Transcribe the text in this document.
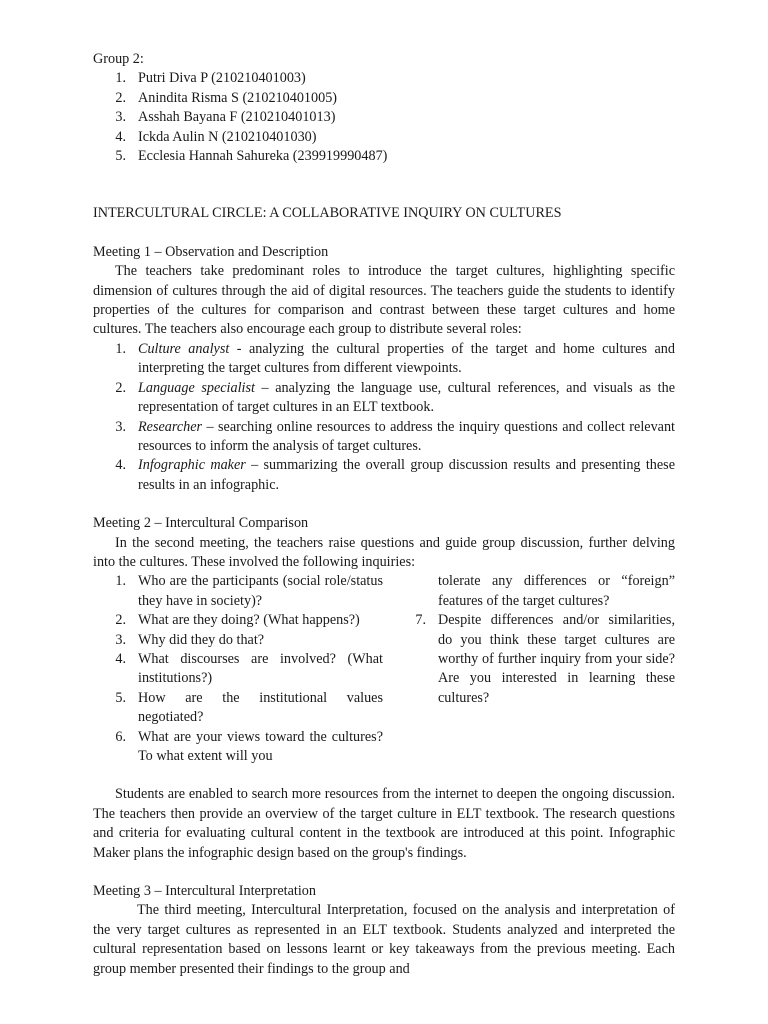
Group 2:

1. Putri Diva P (210210401003)
2. Anindita Risma S (210210401005)
3. Asshah Bayana F (210210401013)
4. Ickda Aulin N (210210401030)
5. Ecclesia Hannah Sahureka (239919990487)

INTERCULTURAL CIRCLE: A COLLABORATIVE INQUIRY ON CULTURES

Meeting 1 – Observation and Description

The teachers take predominant roles to introduce the target cultures, highlighting specific dimension of cultures through the aid of digital resources. The teachers guide the students to identify properties of the cultures for comparison and contrast between these target cultures and home cultures. The teachers also encourage each group to distribute several roles:

1. Culture analyst - analyzing the cultural properties of the target and home cultures and interpreting the target cultures from different viewpoints.
2. Language specialist – analyzing the language use, cultural references, and visuals as the representation of target cultures in an ELT textbook.
3. Researcher – searching online resources to address the inquiry questions and collect relevant resources to inform the analysis of target cultures.
4. Infographic maker – summarizing the overall group discussion results and presenting these results in an infographic.

Meeting 2 – Intercultural Comparison

In the second meeting, the teachers raise questions and guide group discussion, further delving into the cultures. These involved the following inquiries:

1. Who are the participants (social role/status they have in society)?
2. What are they doing? (What happens?)
3. Why did they do that?
4. What discourses are involved? (What institutions?)
5. How are the institutional values negotiated?
6. What are your views toward the cultures? To what extent will you

tolerate any differences or “foreign” features of the target cultures?

7. Despite differences and/or similarities, do you think these target cultures are worthy of further inquiry from your side? Are you interested in learning these cultures?

Students are enabled to search more resources from the internet to deepen the ongoing discussion. The teachers then provide an overview of the target culture in ELT textbook. The research questions and criteria for evaluating cultural content in the textbook are introduced at this point. Infographic Maker plans the infographic design based on the group's findings.

Meeting 3 – Intercultural Interpretation

The third meeting, Intercultural Interpretation, focused on the analysis and interpretation of the very target cultures as represented in an ELT textbook. Students analyzed and interpreted the cultural representation based on lessons learnt or key takeaways from the previous meeting. Each group member presented their findings to the group and
